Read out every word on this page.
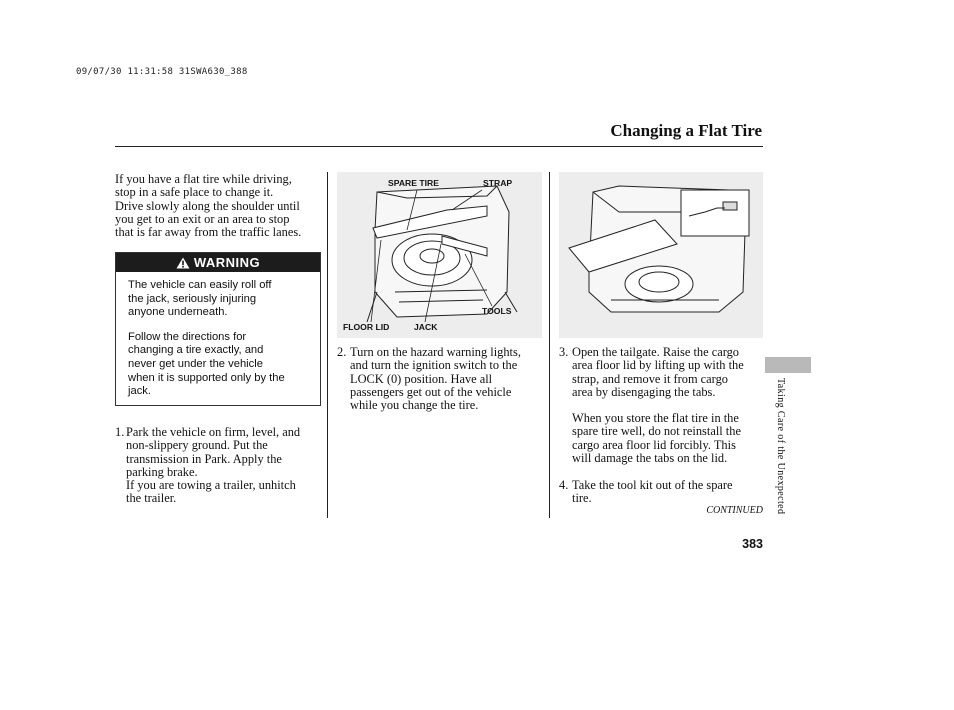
09/07/30 11:31:58 31SWA630_388
Changing a Flat Tire
If you have a flat tire while driving,
stop in a safe place to change it.
Drive slowly along the shoulder until
you get to an exit or an area to stop
that is far away from the traffic lanes.
WARNING

The vehicle can easily roll off
the jack, seriously injuring
anyone underneath.

Follow the directions for
changing a tire exactly, and
never get under the vehicle
when it is supported only by the
jack.

1. Park the vehicle on firm, level, and
non-slippery ground. Put the
transmission in Park. Apply the
parking brake.
If you are towing a trailer, unhitch
the trailer.
SPARE TIRE	STRAP
TOOLS
FLOOR LID	JACK
2. Turn on the hazard warning lights,
and turn the ignition switch to the
LOCK (0) position. Have all
passengers get out of the vehicle
while you change the tire.
3. Open the tailgate. Raise the cargo
area floor lid by lifting up with the
strap, and remove it from cargo
area by disengaging the tabs.
When you store the flat tire in the
spare tire well, do not reinstall the
cargo area floor lid forcibly. This
will damage the tabs on the lid.
4. Take the tool kit out of the spare
tire.
CONTINUED Taking Care of the Unexpected
383
